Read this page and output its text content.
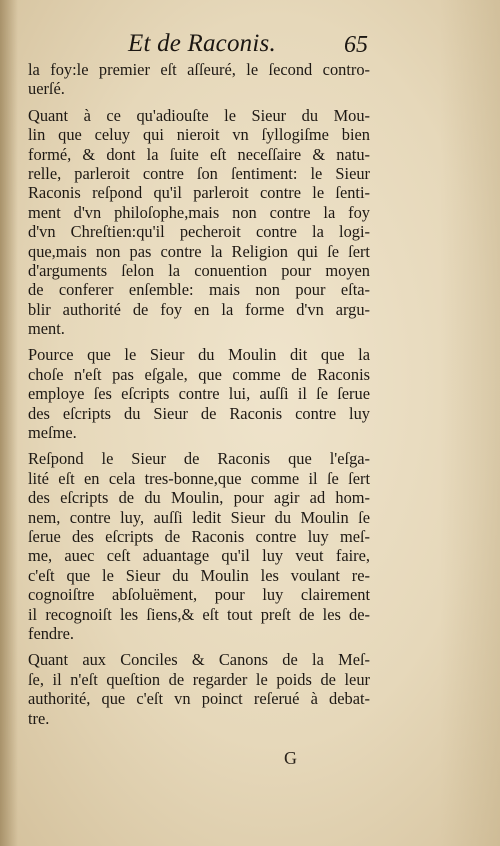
Et de Raconis.	65
la foy:le premier eſt aſſeuré, le ſecond contro-
uerſé.
Quant à ce qu'adiouſte le Sieur du Mou-
lin que celuy qui nieroit vn ſyllogiſme bien
formé, & dont la ſuite eſt neceſſaire & natu-
relle, parleroit contre ſon ſentiment: le Sieur
Raconis reſpond qu'il parleroit contre le ſenti-
ment d'vn philoſophe,mais non contre la foy
d'vn Chreſtien:qu'il pecheroit contre la logi-
que,mais non pas contre la Religion qui ſe ſert
d'arguments ſelon la conuention pour moyen
de conferer enſemble: mais non pour eſta-
blir authorité de foy en la forme d'vn argu-
ment.
Pource que le Sieur du Moulin dit que la
choſe n'eſt pas eſgale, que comme de Raconis
employe ſes eſcripts contre lui, auſſi il ſe ſerue
des eſcripts du Sieur de Raconis contre luy
meſme.
Reſpond le Sieur de Raconis que l'eſga-
lité eſt en cela tres-bonne,que comme il ſe ſert
des eſcripts de du Moulin, pour agir ad hom-
nem, contre luy, auſſi ledit Sieur du Moulin ſe
ſerue des eſcripts de Raconis contre luy meſ-
me, auec ceſt aduantage qu'il luy veut faire,
c'eſt que le Sieur du Moulin les voulant re-
cognoiſtre abſoluëment, pour luy clairement
il recognoiſt les ſiens,& eſt tout preſt de les de-
fendre.
Quant aux Conciles & Canons de la Meſ-
ſe, il n'eſt queſtion de regarder le poids de leur
authorité, que c'eſt vn poinct reſerué à debat-
tre.
G
